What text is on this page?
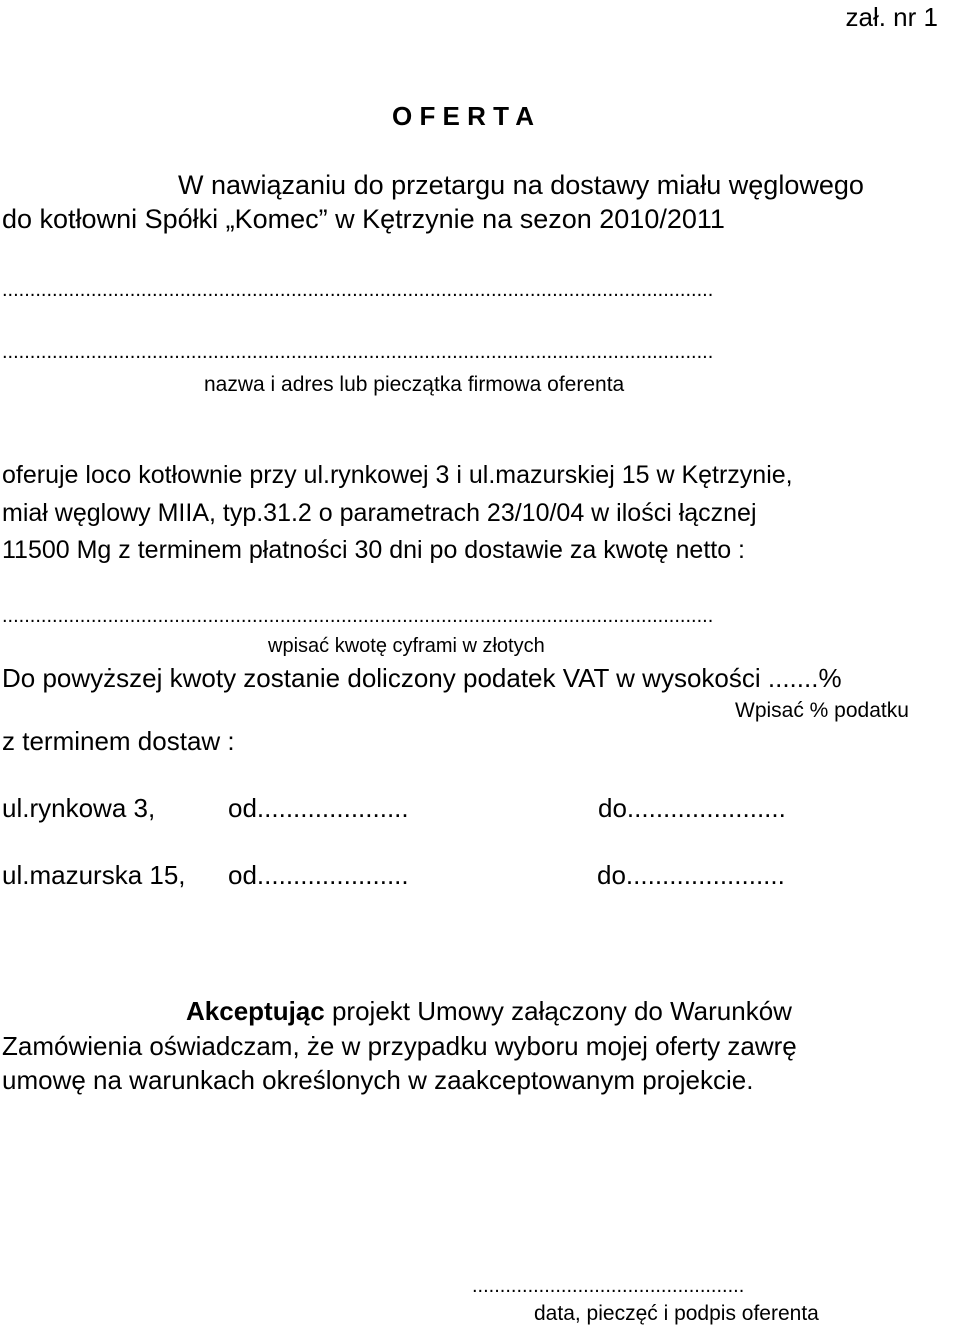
zał. nr 1
O F E R T A
W nawiązaniu do przetargu na dostawy miału węglowego
do kotłowni Spółki „Komec” w Kętrzynie na sezon 2010/2011
................................................................................................................................
................................................................................................................................
nazwa i adres lub pieczątka firmowa oferenta
oferuje loco kotłownie przy ul.rynkowej 3 i ul.mazurskiej 15 w Kętrzynie,
miał węglowy MIIA, typ.31.2 o parametrach 23/10/04 w ilości łącznej
11500 Mg z terminem płatności 30 dni po dostawie za kwotę netto :
................................................................................................................................
wpisać kwotę cyframi w złotych
Do powyższej kwoty zostanie doliczony podatek VAT w wysokości .......%
Wpisać % podatku
z terminem dostaw :
ul.rynkowa 3,	od.....................	do......................
ul.mazurska 15, od.....................	do......................
Akceptując projekt Umowy załączony do Warunków
Zamówienia oświadczam, że w przypadku wyboru mojej oferty zawrę
umowę na warunkach określonych w zaakceptowanym projekcie.
.................................................
data, pieczęć i podpis oferenta
